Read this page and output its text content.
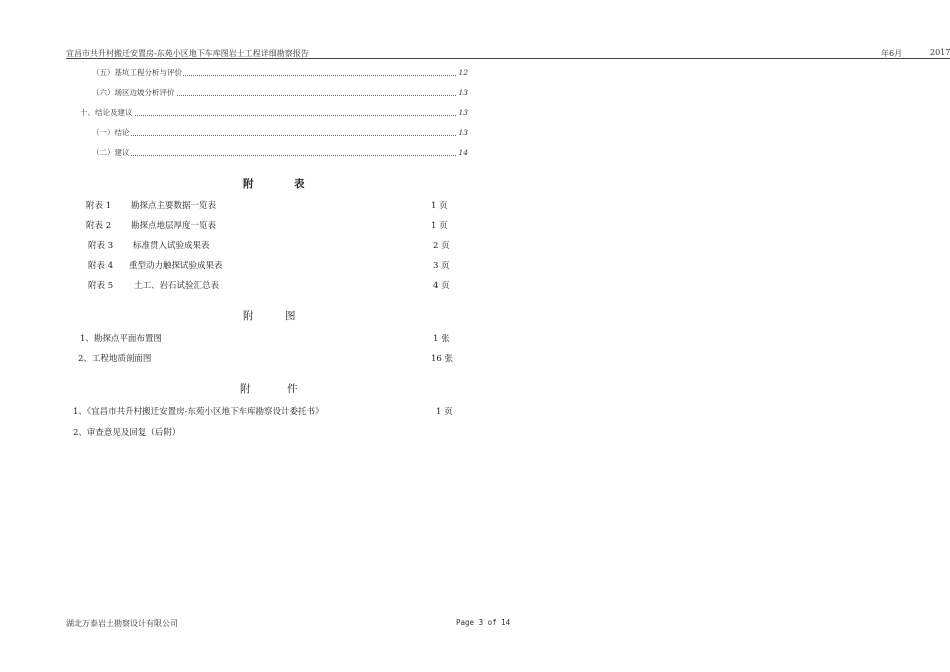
宜昌市共升村搬迁安置房-东苑小区地下车库图岩土工程详细勘察报告	年6月	2017
（五）基坑工程分析与评价	12
（六）场区边坡分析评价	13
十、结论及建议	13
（一）结论	13
（二）建议	14
附	表
附表 1 勘探点主要数据一览表	1 页
附表 2 勘探点地层厚度一览表	1 页
附表 3 标准贯入试验成果表	2 页
附表 4 重型动力触探试验成果表	3 页
附表 5 土工、岩石试验汇总表	4 页
附	图
1、勘探点平面布置图	1 张
2、工程地质剖面图	16 张
附	件
1、《宜昌市共升村搬迁安置房-东苑小区地下车库勘察设计委托书》	1 页
2、审查意见及回复（后附）
湖北万泰岩土勘察设计有限公司	Page 3 of 14
